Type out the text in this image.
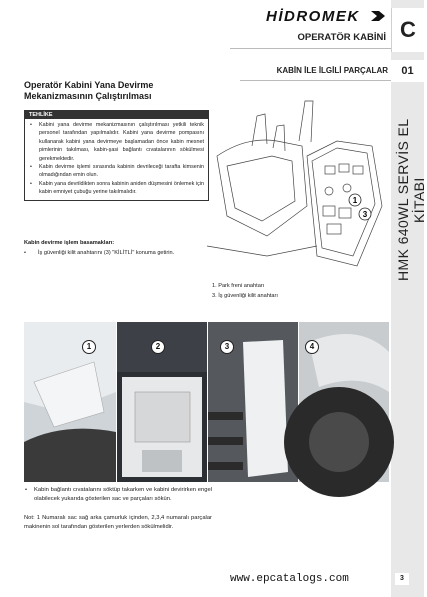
C
01
HMK 640WL SERVİS EL KİTABI
HİDROMEK
OPERATÖR KABİNİ
KABİN İLE İLGİLİ PARÇALAR
Operatör Kabini Yana Devirme Mekanizmasının Çalıştırılması
TEHLİKE
• Kabini yana devirme mekanizmasının çalıştırılması yetkili teknik personel tarafından yapılmalıdır. Kabini yana devirme pompasını kullanarak kabini yana devirmeye başlamadan önce kabin mesnet pimlerinin takılması, kabin-şasi bağlantı cıvatalarının sökülmesi gerekmektedir.
• Kabin devirme işlemi sırasında kabinin devrileceği tarafta kimsenin olmadığından emin olun.
• Kabin yana devrildikten sonra kabinin aniden düşmesini önlemek için kabin emniyet çubuğu yerine takılmalıdır.
Kabin devirme işlem basamakları:
• İş güvenliği kilit anahtarını (3) "KİLİTLİ" konuma getirin.
1
3
1. Park freni anahtarı
3. İş güvenliği kilit anahtarı
1	2	3	4
• Kabin bağlantı cıvatalarını söktüp takarken ve kabini devirirken engel olabilecek yukarıda gösterilen sac ve parçaları sökün.
Not: 1 Numaralı sac sağ arka çamurluk içinden, 2,3,4 numaralı parçalar makinenin sol tarafından gösterilen yerlerden sökülmelidir.
www.epcatalogs.com	3
